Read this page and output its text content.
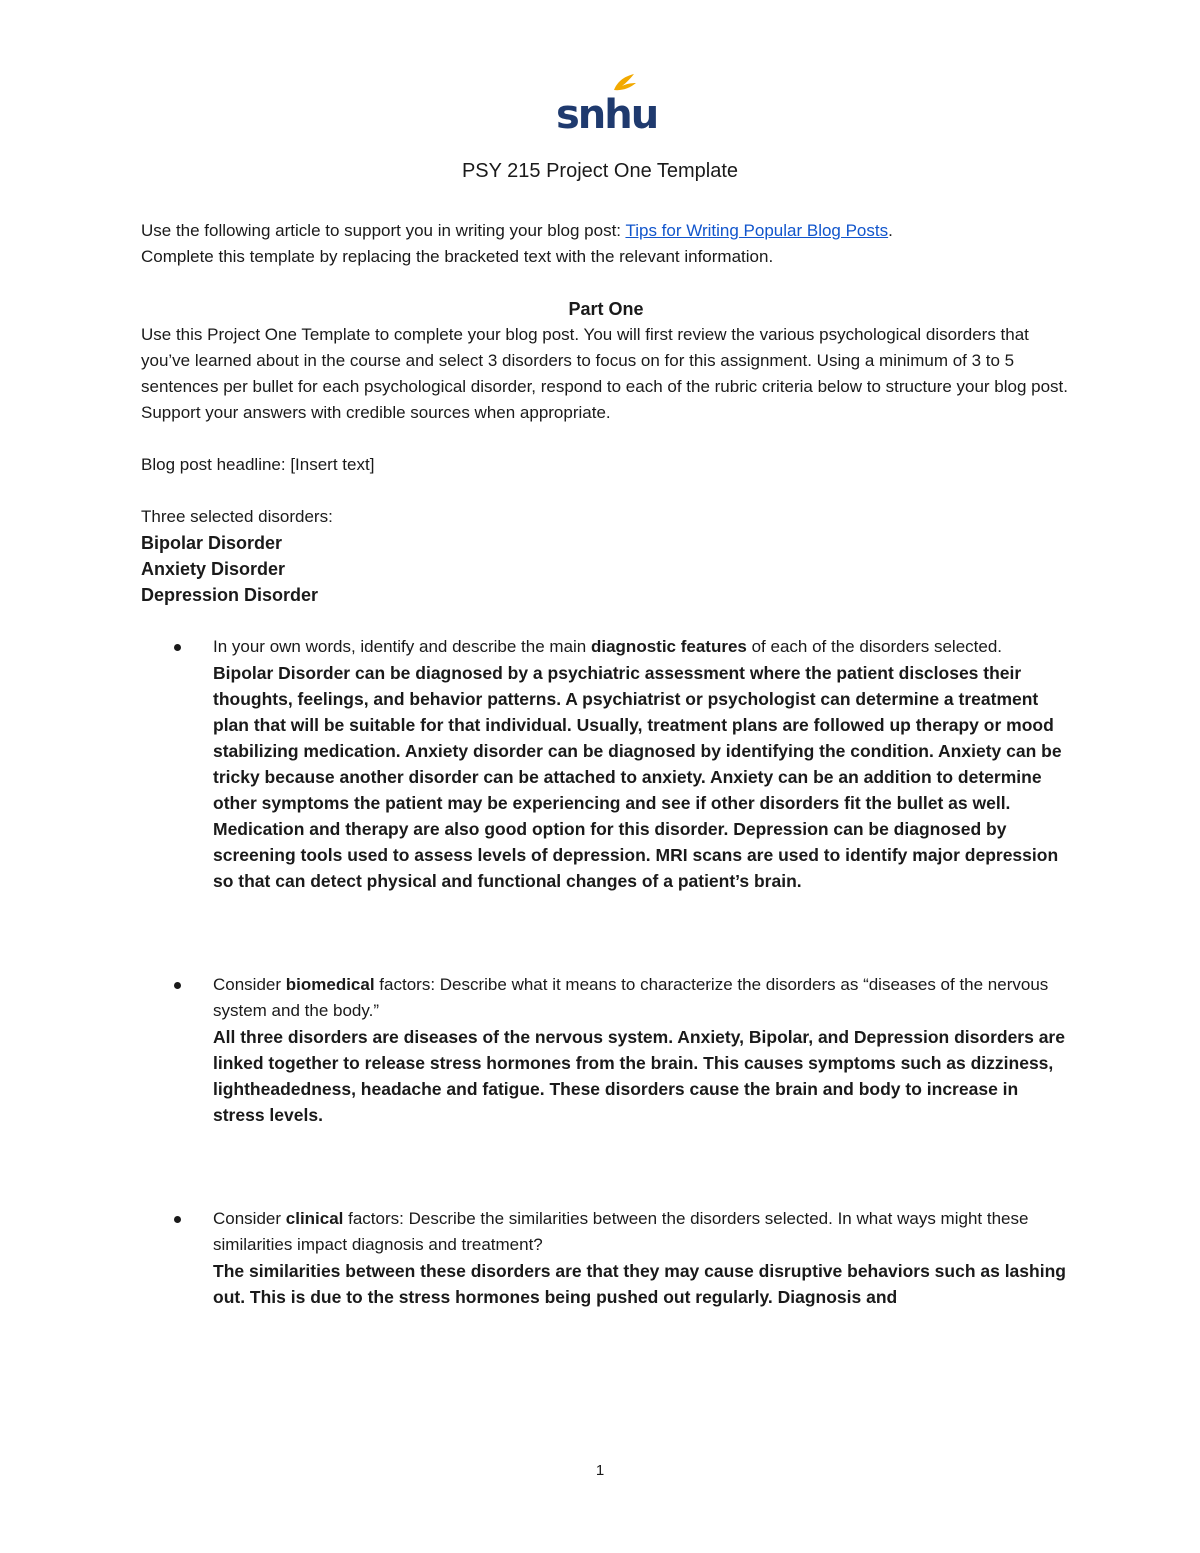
snhu
PSY 215 Project One Template

Use the following article to support you in writing your blog post: Tips for Writing Popular Blog Posts.

Complete this template by replacing the bracketed text with the relevant information.

Part One

Use this Project One Template to complete your blog post. You will first review the various psychological disorders that you’ve learned about in the course and select 3 disorders to focus on for this assignment. Using a minimum of 3 to 5 sentences per bullet for each psychological disorder, respond to each of the rubric criteria below to structure your blog post. Support your answers with credible sources when appropriate.

Blog post headline: [Insert text]

Three selected disorders:

Bipolar Disorder

Anxiety Disorder

Depression Disorder

In your own words, identify and describe the main diagnostic features of each of the disorders selected.

Bipolar Disorder can be diagnosed by a psychiatric assessment where the patient discloses their thoughts, feelings, and behavior patterns. A psychiatrist or psychologist can determine a treatment plan that will be suitable for that individual. Usually, treatment plans are followed up therapy or mood stabilizing medication. Anxiety disorder can be diagnosed by identifying the condition. Anxiety can be tricky because another disorder can be attached to anxiety. Anxiety can be an addition to determine other symptoms the patient may be experiencing and see if other disorders fit the bullet as well. Medication and therapy are also good option for this disorder. Depression can be diagnosed by screening tools used to assess levels of depression. MRI scans are used to identify major depression so that can detect physical and functional changes of a patient’s brain.

Consider biomedical factors: Describe what it means to characterize the disorders as “diseases of the nervous system and the body.”

All three disorders are diseases of the nervous system. Anxiety, Bipolar, and Depression disorders are linked together to release stress hormones from the brain. This causes symptoms such as dizziness, lightheadedness, headache and fatigue. These disorders cause the brain and body to increase in stress levels.

Consider clinical factors: Describe the similarities between the disorders selected. In what ways might these similarities impact diagnosis and treatment?

The similarities between these disorders are that they may cause disruptive behaviors such as lashing out. This is due to the stress hormones being pushed out regularly. Diagnosis and

1
